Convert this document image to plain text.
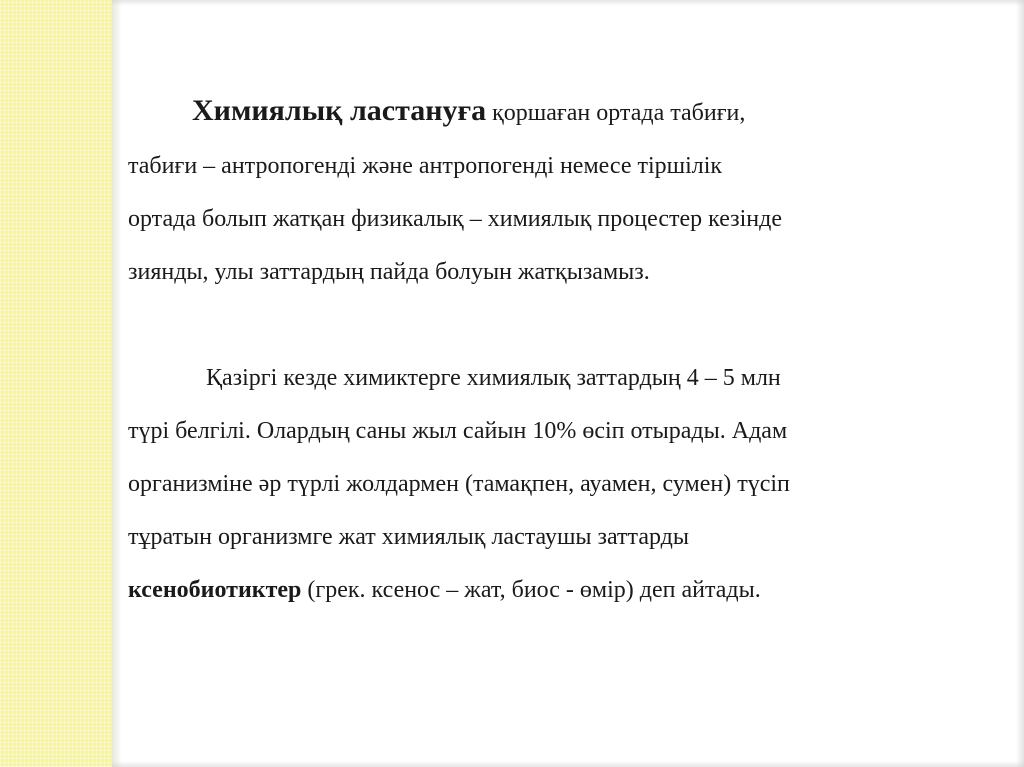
Химиялық ластануға қоршаған ортада табиғи,
табиғи – антропогенді және антропогенді немесе тіршілік
ортада болып жатқан физикалық – химиялық процестер кезінде
зиянды, улы заттардың пайда болуын жатқызамыз.

Қазіргі кезде химиктерге химиялық заттардың 4 – 5 млн
түрі белгілі. Олардың саны жыл сайын 10% өсіп отырады. Адам
организміне әр түрлі жолдармен (тамақпен, ауамен, сумен) түсіп
тұратын организмге жат химиялық ластаушы заттарды
ксенобиотиктер (грек. ксенос – жат, биос - өмір) деп айтады.
